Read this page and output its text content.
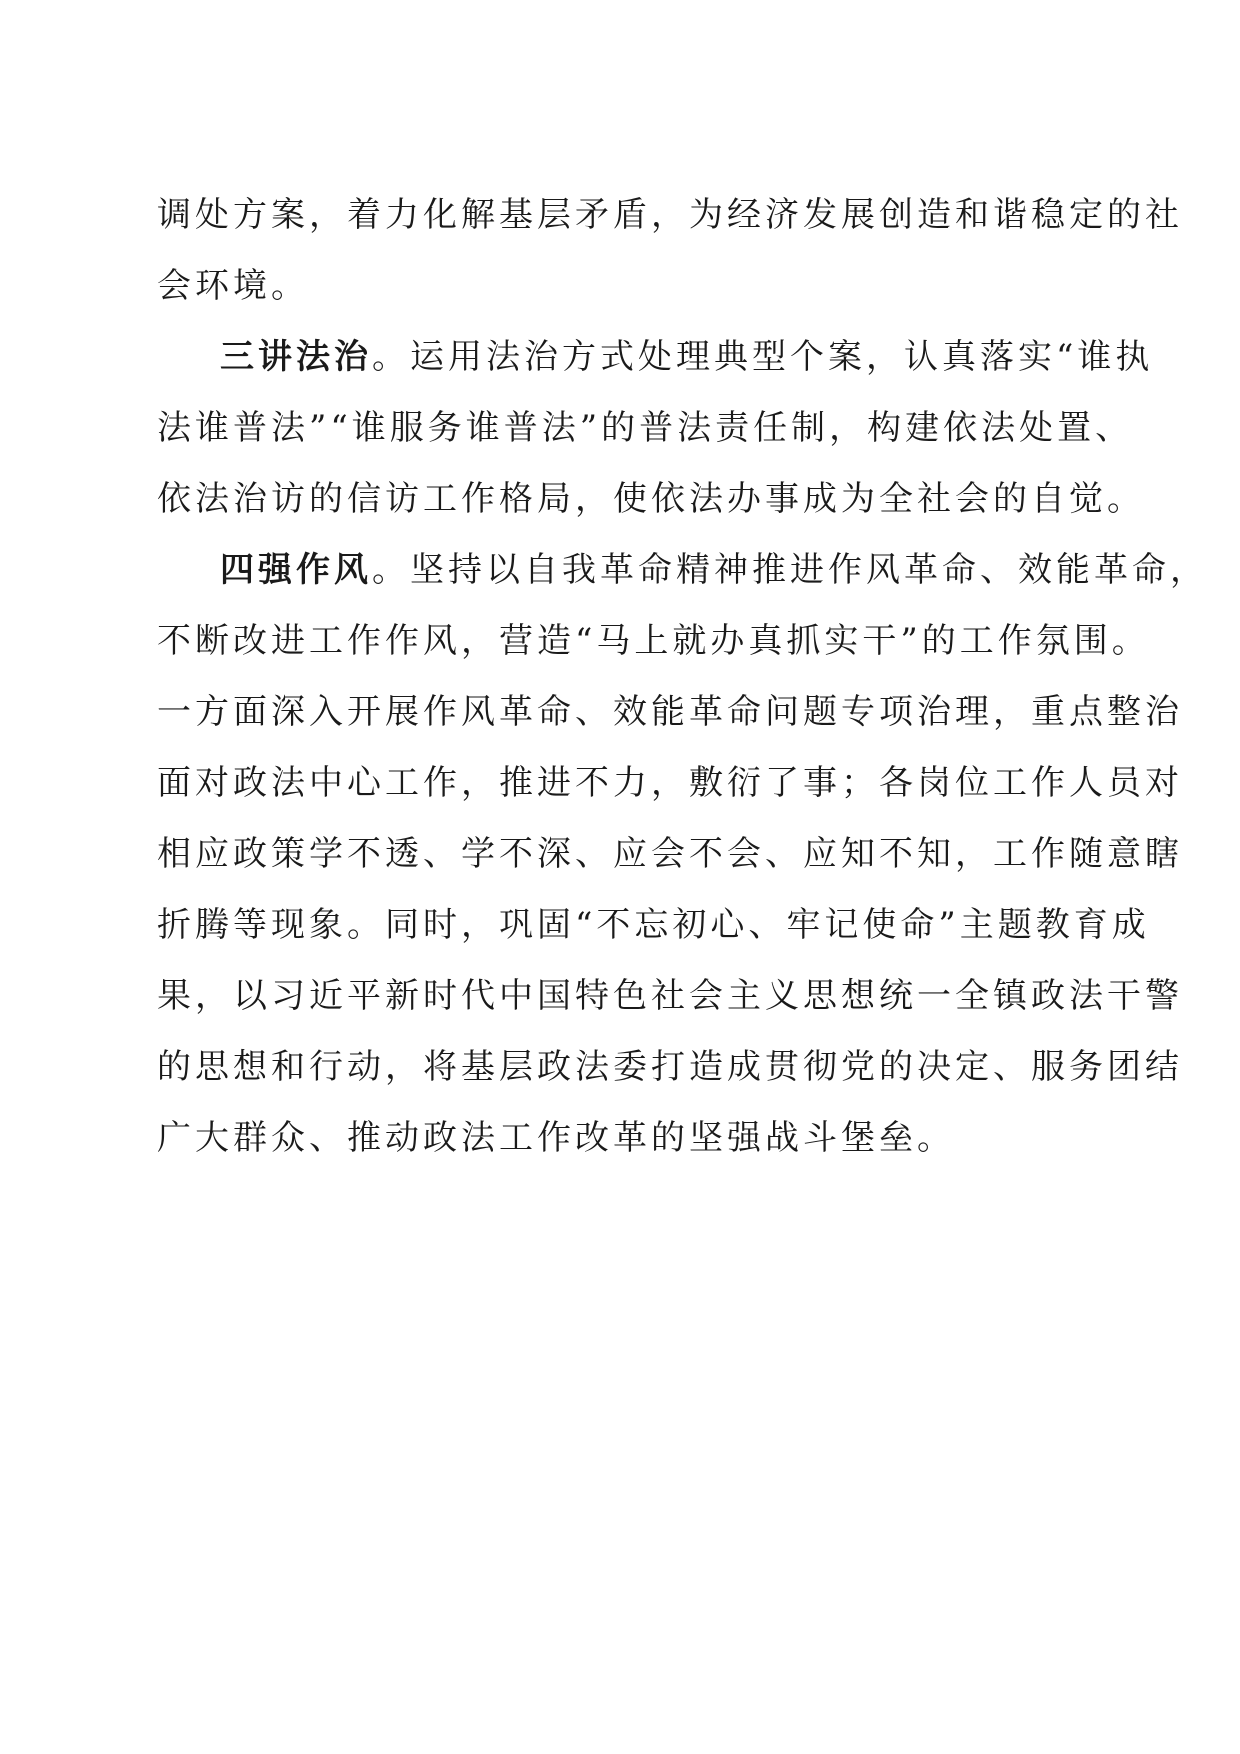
调处方案，着力化解基层矛盾，为经济发展创造和谐稳定的社
会环境。
三讲法治。运用法治方式处理典型个案，认真落实“谁执
法谁普法”“谁服务谁普法”的普法责任制，构建依法处置、
依法治访的信访工作格局，使依法办事成为全社会的自觉。
四强作风。坚持以自我革命精神推进作风革命、效能革命，
不断改进工作作风，营造“马上就办真抓实干”的工作氛围。
一方面深入开展作风革命、效能革命问题专项治理，重点整治
面对政法中心工作，推进不力，敷衍了事；各岗位工作人员对
相应政策学不透、学不深、应会不会、应知不知，工作随意瞎
折腾等现象。同时，巩固“不忘初心、牢记使命”主题教育成
果，以习近平新时代中国特色社会主义思想统一全镇政法干警
的思想和行动，将基层政法委打造成贯彻党的决定、服务团结
广大群众、推动政法工作改革的坚强战斗堡垒。
